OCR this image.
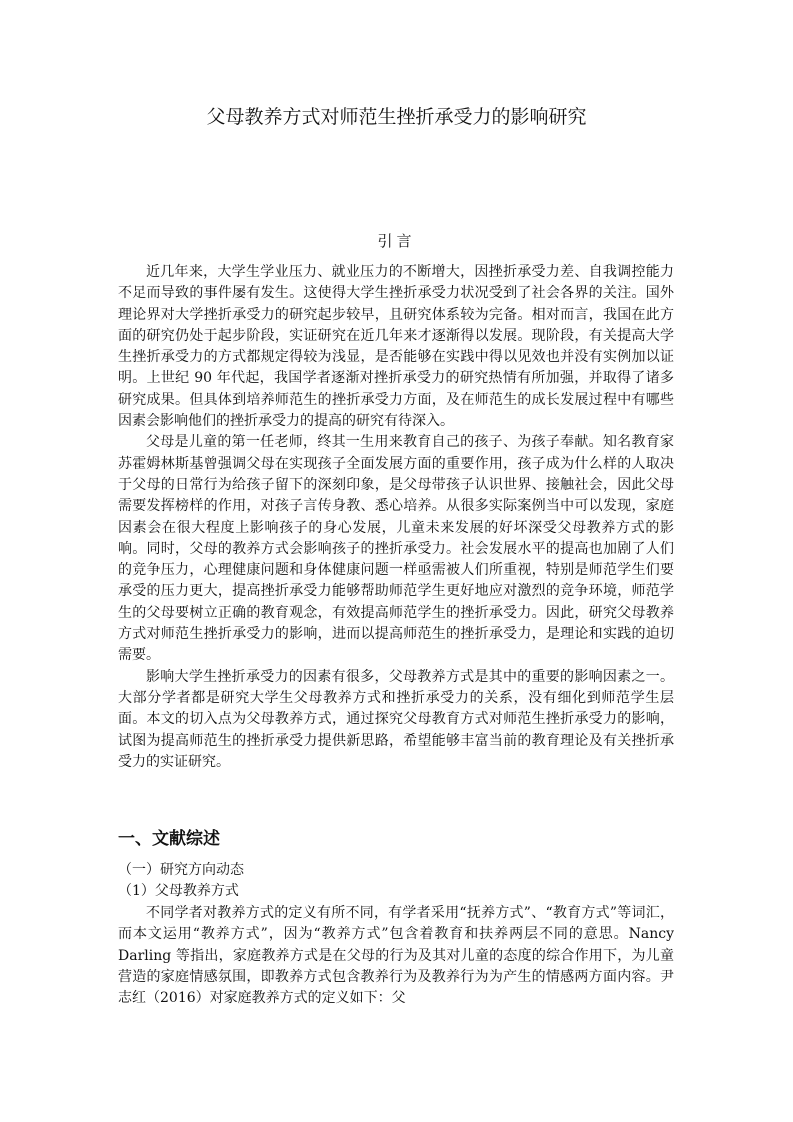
父母教养方式对师范生挫折承受力的影响研究
引言

近几年来，大学生学业压力、就业压力的不断增大，因挫折承受力差、自我调控能力不足而导致的事件屡有发生。这使得大学生挫折承受力状况受到了社会各界的关注。国外理论界对大学挫折承受力的研究起步较早，且研究体系较为完备。相对而言，我国在此方面的研究仍处于起步阶段，实证研究在近几年来才逐渐得以发展。现阶段，有关提高大学生挫折承受力的方式都规定得较为浅显，是否能够在实践中得以见效也并没有实例加以证明。上世纪 90 年代起，我国学者逐渐对挫折承受力的研究热情有所加强，并取得了诸多研究成果。但具体到培养师范生的挫折承受力方面，及在师范生的成长发展过程中有哪些因素会影响他们的挫折承受力的提高的研究有待深入。

父母是儿童的第一任老师，终其一生用来教育自己的孩子、为孩子奉献。知名教育家苏霍姆林斯基曾强调父母在实现孩子全面发展方面的重要作用，孩子成为什么样的人取决于父母的日常行为给孩子留下的深刻印象，是父母带孩子认识世界、接触社会，因此父母需要发挥榜样的作用，对孩子言传身教、悉心培养。从很多实际案例当中可以发现，家庭因素会在很大程度上影响孩子的身心发展，儿童未来发展的好坏深受父母教养方式的影响。同时，父母的教养方式会影响孩子的挫折承受力。社会发展水平的提高也加剧了人们的竞争压力，心理健康问题和身体健康问题一样亟需被人们所重视，特别是师范学生们要承受的压力更大，提高挫折承受力能够帮助师范学生更好地应对激烈的竞争环境，师范学生的父母要树立正确的教育观念，有效提高师范学生的挫折承受力。因此，研究父母教养方式对师范生挫折承受力的影响，进而以提高师范生的挫折承受力，是理论和实践的迫切需要。

影响大学生挫折承受力的因素有很多，父母教养方式是其中的重要的影响因素之一。大部分学者都是研究大学生父母教养方式和挫折承受力的关系，没有细化到师范学生层面。本文的切入点为父母教养方式，通过探究父母教育方式对师范生挫折承受力的影响，试图为提高师范生的挫折承受力提供新思路，希望能够丰富当前的教育理论及有关挫折承受力的实证研究。

一、文献综述
（一）研究方向动态
（1）父母教养方式

不同学者对教养方式的定义有所不同，有学者采用“抚养方式”、“教育方式”等词汇，而本文运用“教养方式”，因为“教养方式”包含着教育和扶养两层不同的意思。Nancy Darling 等指出，家庭教养方式是在父母的行为及其对儿童的态度的综合作用下，为儿童营造的家庭情感氛围，即教养方式包含教养行为及教养行为为产生的情感两方面内容。尹志红（2016）对家庭教养方式的定义如下：父
